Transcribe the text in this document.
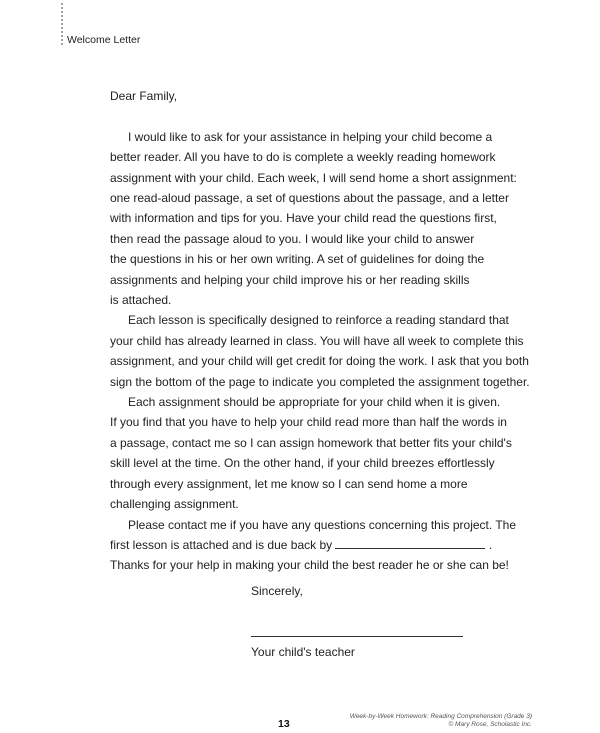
Welcome Letter
Dear Family,
I would like to ask for your assistance in helping your child become a
better reader. All you have to do is complete a weekly reading homework
assignment with your child. Each week, I will send home a short assignment:
one read-aloud passage, a set of questions about the passage, and a letter
with information and tips for you. Have your child read the questions first,
then read the passage aloud to you. I would like your child to answer
the questions in his or her own writing. A set of guidelines for doing the
assignments and helping your child improve his or her reading skills
is attached.
Each lesson is specifically designed to reinforce a reading standard that
your child has already learned in class. You will have all week to complete this
assignment, and your child will get credit for doing the work. I ask that you both
sign the bottom of the page to indicate you completed the assignment together.
Each assignment should be appropriate for your child when it is given.
If you find that you have to help your child read more than half the words in
a passage, contact me so I can assign homework that better fits your child's
skill level at the time. On the other hand, if your child breezes effortlessly
through every assignment, let me know so I can send home a more
challenging assignment.
Please contact me if you have any questions concerning this project. The
first lesson is attached and is due back by	.
Thanks for your help in making your child the best reader he or she can be!
Sincerely,
Your child's teacher
13
Week-by-Week Homework: Reading Comprehension (Grade 3)
© Mary Rose, Scholastic Inc.
